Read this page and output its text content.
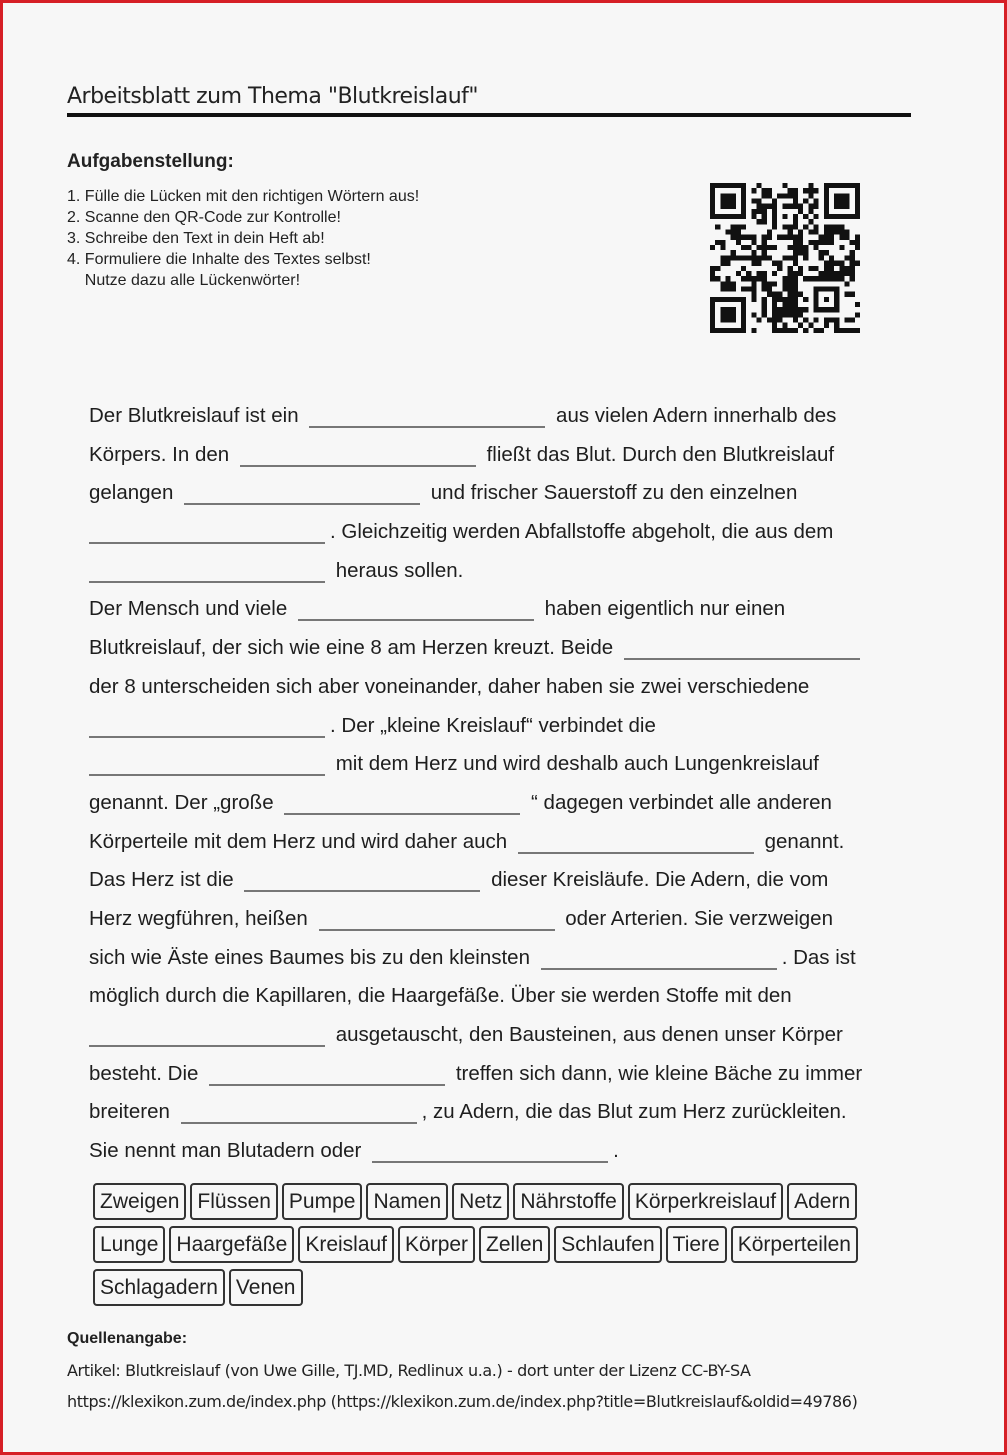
Arbeitsblatt zum Thema "Blutkreislauf"
Aufgabenstellung:
1. Fülle die Lücken mit den richtigen Wörtern aus!
2. Scanne den QR-Code zur Kontrolle!
3. Schreibe den Text in dein Heft ab!
4. Formuliere die Inhalte des Textes selbst!
Nutze dazu alle Lückenwörter!
Der Blutkreislauf ist ein	aus vielen Adern innerhalb des
Körpers. In den	fließt das Blut. Durch den Blutkreislauf
gelangen	und frischer Sauerstoff zu den einzelnen
. Gleichzeitig werden Abfallstoffe abgeholt, die aus dem
heraus sollen.
Der Mensch und viele	haben eigentlich nur einen
Blutkreislauf, der sich wie eine 8 am Herzen kreuzt. Beide
der 8 unterscheiden sich aber voneinander, daher haben sie zwei verschiedene
. Der „kleine Kreislauf“ verbindet die
mit dem Herz und wird deshalb auch Lungenkreislauf
genannt. Der „große	“ dagegen verbindet alle anderen
Körperteile mit dem Herz und wird daher auch	genannt.
Das Herz ist die	dieser Kreisläufe. Die Adern, die vom
Herz wegführen, heißen	oder Arterien. Sie verzweigen
sich wie Äste eines Baumes bis zu den kleinsten	. Das ist
möglich durch die Kapillaren, die Haargefäße. Über sie werden Stoffe mit den
ausgetauscht, den Bausteinen, aus denen unser Körper
besteht. Die	treffen sich dann, wie kleine Bäche zu immer
breiteren	, zu Adern, die das Blut zum Herz zurückleiten.
Sie nennt man Blutadern oder	.
Zweigen Flüssen Pumpe Namen Netz Nährstoffe Körperkreislauf Adern
Lunge Haargefäße Kreislauf Körper Zellen Schlaufen Tiere Körperteilen
Schlagadern Venen
Quellenangabe:
Artikel: Blutkreislauf (von Uwe Gille, TJ.MD, Redlinux u.a.) - dort unter der Lizenz CC-BY-SA
https://klexikon.zum.de/index.php (https://klexikon.zum.de/index.php?title=Blutkreislauf&oldid=49786)
